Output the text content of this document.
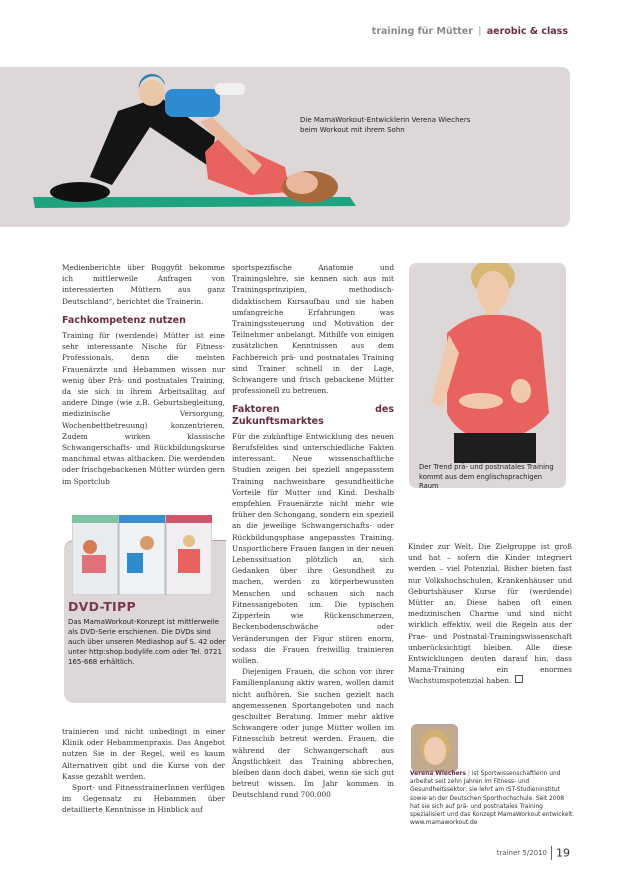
training für Mütter | aerobic & class
Die MamaWorkout-Entwicklerin Verena Wiechers beim Workout mit ihrem Sohn

Medienberichte über Buggyfit bekomme ich mittlerweile Anfragen von interessierten Müttern aus ganz Deutschland“, berichtet die Trainerin.

Fachkompetenz nutzen

Training für (werdende) Mütter ist eine sehr interessante Nische für Fitness-Professionals, denn die meisten Frauenärzte und Hebammen wissen nur wenig über Prä- und postnatales Training, da sie sich in ihrem Arbeitsalltag auf andere Dinge (wie z.B. Geburtsbegleitung, medizinische Versorgung, Wochenbettbetreuung) konzentrieren. Zudem wirken klassische Schwangerschafts- und Rückbildungskurse manchmal etwas altbacken. Die werdenden oder frischgebackenen Mütter würden gern im Sportclub

DVD-TIPP
Das MamaWorkout-Konzept ist mittlerweile als DVD-Serie erschienen. Die DVDs sind auch über unseren Mediashop auf S. 42 oder unter http:shop.bodylife.com oder Tel. 0721 165-668 erhältlich.

trainieren und nicht unbedingt in einer Klinik oder Hebammenpraxis. Das Angebot nutzen Sie in der Regel, weil es kaum Alternativen gibt und die Kurse von der Kasse gezahlt werden.

Sport- und FitnesstrainerInnen verfügen im Gegensatz zu Hebammen über detaillierte Kenntnisse in Hinblick auf

sportspezifische Anatomie und Trainingslehre, sie kennen sich aus mit Trainingsprinzipien, methodisch-didaktischem Kursaufbau und sie haben umfangreiche Erfahrungen was Trainingssteuerung und Motivation der Teilnehmer anbelangt. Mithilfe von einigen zusätzlichen Kenntnissen aus dem Fachbereich prä- und postnatales Training sind Trainer schnell in der Lage, Schwangere und frisch gebackene Mütter professionell zu betreuen.

Faktoren des Zukunftsmarktes

Für die zukünftige Entwicklung des neuen Berufsfeldes sind unterschiedliche Fakten interessant. Neue wissenschaftliche Studien zeigen bei speziell angepasstem Training nachweisbare gesundheitliche Vorteile für Mutter und Kind. Deshalb empfehlen Frauenärzte nicht mehr wie früher den Schongang, sondern ein speziell an die jeweilige Schwangerschafts- oder Rückbildungsphase angepasstes Training. Unsportlichere Frauen fangen in der neuen Lebenssituation plötzlich an, sich Gedanken über ihre Gesundheit zu machen, werden zu körperbewussten Menschen und schauen sich nach Fitnessangeboten um. Die typischen Zipperlein wie Rückenschmerzen, Beckenbodenschwäche oder Veränderungen der Figur stören enorm, sodass die Frauen freiwillig trainieren wollen.

Diejenigen Frauen, die schon vor ihrer Familienplanung aktiv waren, wollen damit nicht aufhören. Sie suchen gezielt nach angemessenen Sportangeboten und nach geschulter Beratung. Immer mehr aktive Schwangere oder junge Mütter wollen im Fitnessclub betreut werden. Frauen, die während der Schwangerschaft aus Ängstlichkeit das Training abbrechen, bleiben dann doch dabei, wenn sie sich gut betreut wissen. Im Jahr kommen in Deutschland rund 700.000

Der Trend prä- und postnatales Training kommt aus dem englischsprachigen Raum

Kinder zur Welt. Die Zielgruppe ist groß und hat – sofern die Kinder integriert werden – viel Potenzial. Bisher bieten fast nur Volkshochschulen, Krankenhäuser und Geburtshäuser Kurse für (werdende) Mütter an. Diese haben oft einen medizinischen Charme und sind nicht wirklich effektiv, weil die Regeln aus der Prae- und Postnatal-Trainingswissenschaft unberücksichtigt bleiben. Alle diese Entwicklungen deuten darauf hin, dass Mama-Training ein enormes Wachstumspotenzial haben.

Verena Wiechers | ist Sportwissenschaftlerin und arbeitet seit zehn Jahren im Fitness- und Gesundheitssektor, sie lehrt am IST-Studieninstitut sowie an der Deutschen Sporthochschule. Seit 2008 hat sie sich auf prä- und postnatales Training spezialisiert und das Konzept MamaWorkout entwickelt. www.mamaworkout.de
trainer 5/2010 19
